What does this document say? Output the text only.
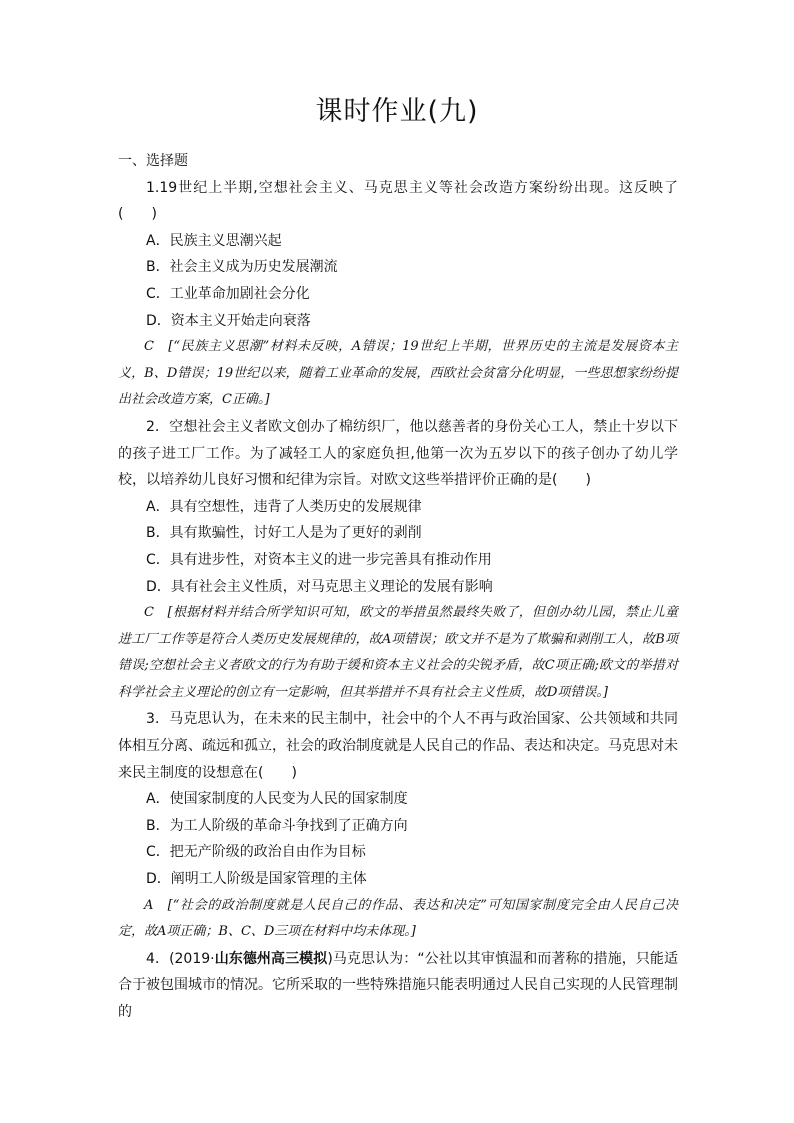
课时作业(九)

一、选择题

1.19世纪上半期,空想社会主义、马克思主义等社会改造方案纷纷出现。这反映了(　　)

A．民族主义思潮兴起

B．社会主义成为历史发展潮流

C．工业革命加剧社会分化

D．资本主义开始走向衰落

C　[“民族主义思潮”材料未反映，A错误；19世纪上半期，世界历史的主流是发展资本主义，B、D错误；19世纪以来，随着工业革命的发展，西欧社会贫富分化明显，一些思想家纷纷提出社会改造方案，C正确。]

2．空想社会主义者欧文创办了棉纺织厂，他以慈善者的身份关心工人，禁止十岁以下的孩子进工厂工作。为了减轻工人的家庭负担,他第一次为五岁以下的孩子创办了幼儿学校，以培养幼儿良好习惯和纪律为宗旨。对欧文这些举措评价正确的是(　　)

A．具有空想性，违背了人类历史的发展规律

B．具有欺骗性，讨好工人是为了更好的剥削

C．具有进步性，对资本主义的进一步完善具有推动作用

D．具有社会主义性质，对马克思主义理论的发展有影响

C　[根据材料并结合所学知识可知，欧文的举措虽然最终失败了，但创办幼儿园，禁止儿童进工厂工作等是符合人类历史发展规律的，故A项错误；欧文并不是为了欺骗和剥削工人，故B项错误;空想社会主义者欧文的行为有助于缓和资本主义社会的尖锐矛盾，故C项正确;欧文的举措对科学社会主义理论的创立有一定影响，但其举措并不具有社会主义性质，故D项错误。]

3．马克思认为，在未来的民主制中，社会中的个人不再与政治国家、公共领域和共同体相互分离、疏远和孤立，社会的政治制度就是人民自己的作品、表达和决定。马克思对未来民主制度的设想意在(　　)

A．使国家制度的人民变为人民的国家制度

B．为工人阶级的革命斗争找到了正确方向

C．把无产阶级的政治自由作为目标

D．阐明工人阶级是国家管理的主体

A　[“社会的政治制度就是人民自己的作品、表达和决定”可知国家制度完全由人民自己决定，故A项正确；B、C、D三项在材料中均未体现。]

4．(2019·山东德州高三模拟)马克思认为：“公社以其审慎温和而著称的措施，只能适合于被包围城市的情况。它所采取的一些特殊措施只能表明通过人民自己实现的人民管理制的
